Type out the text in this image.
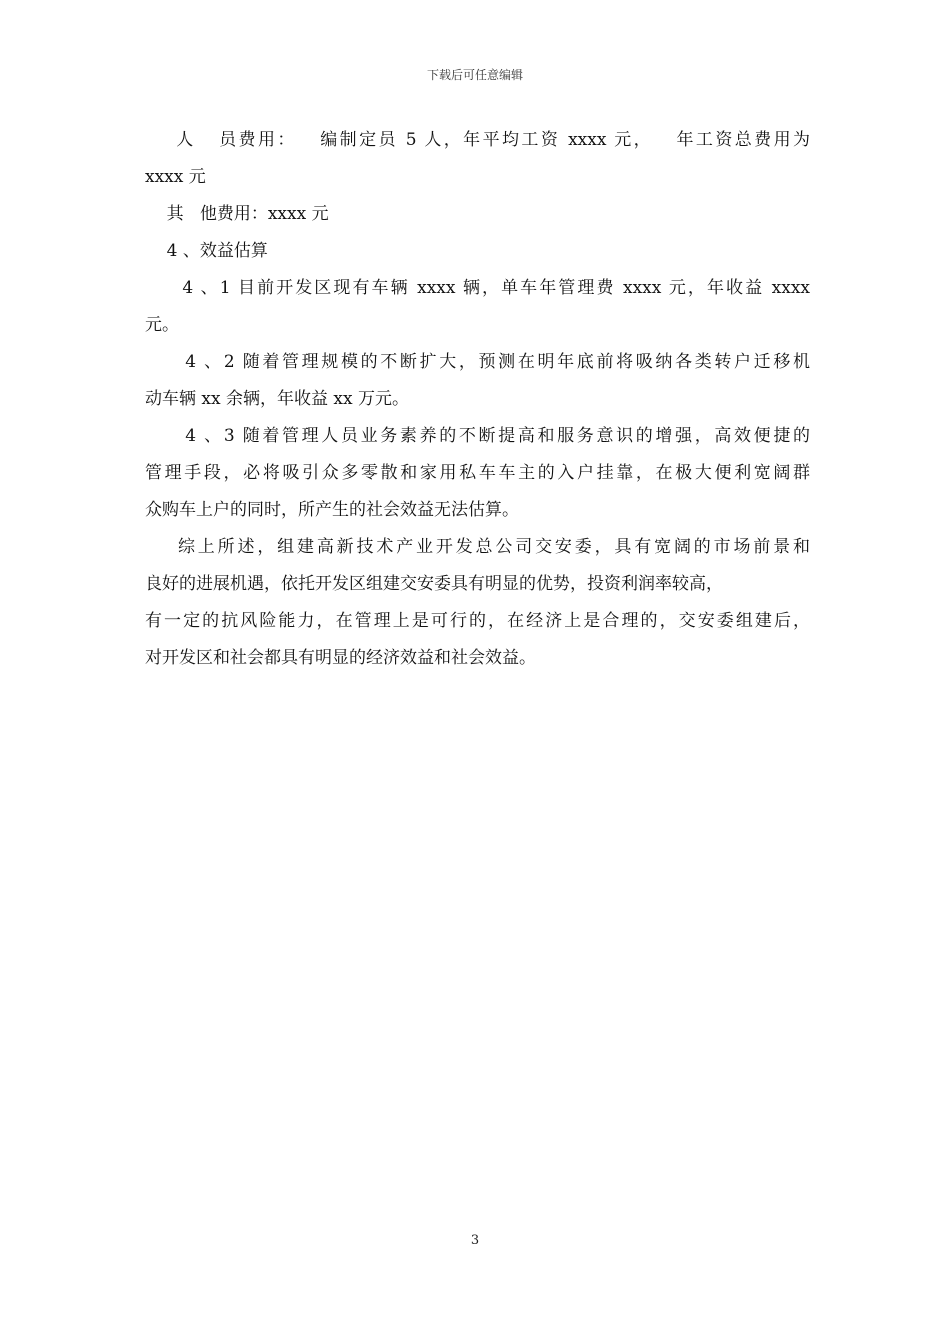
下载后可任意编辑
人   员费用：   编制定员 5 人，年平均工资 xxxx 元，   年工资总费用为
xxxx 元
其   他费用：xxxx 元
4 、效益估算
4 、1 目前开发区现有车辆 xxxx 辆，单车年管理费 xxxx 元，年收益 xxxx
元。
4 、2 随着管理规模的不断扩大，预测在明年底前将吸纳各类转户迁移机
动车辆 xx 余辆，年收益 xx 万元。
4 、3 随着管理人员业务素养的不断提高和服务意识的增强，高效便捷的
管理手段，必将吸引众多零散和家用私车车主的入户挂靠，在极大便利宽阔群
众购车上户的同时，所产生的社会效益无法估算。
综上所述，组建高新技术产业开发总公司交安委，具有宽阔的市场前景和
良好的进展机遇，依托开发区组建交安委具有明显的优势，投资利润率较高，
有一定的抗风险能力，在管理上是可行的，在经济上是合理的，交安委组建后，
对开发区和社会都具有明显的经济效益和社会效益。
3
